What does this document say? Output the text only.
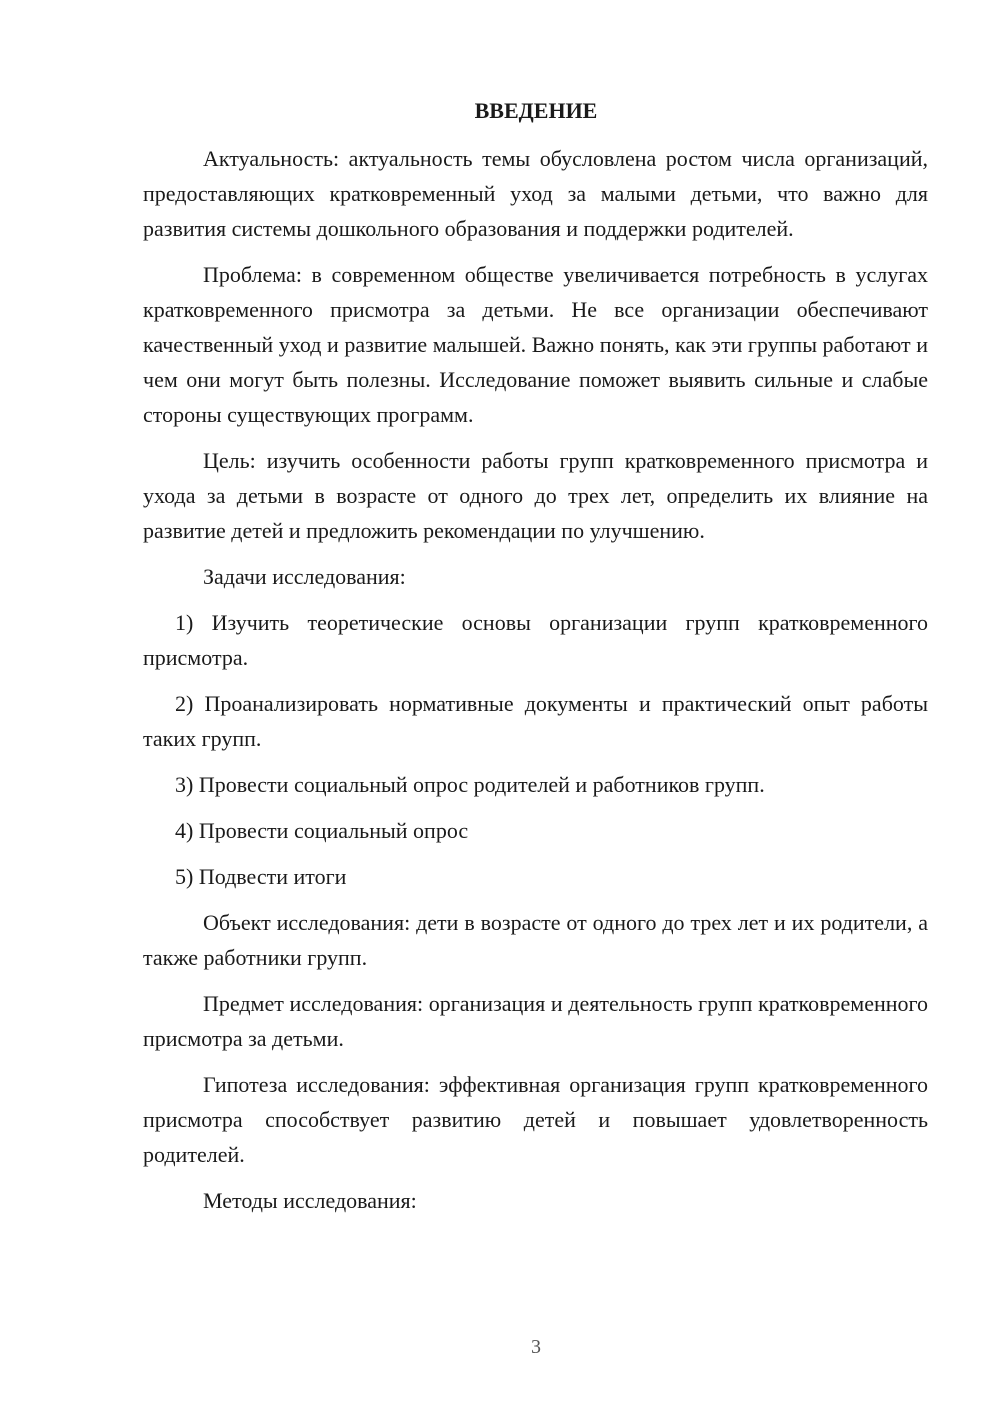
ВВЕДЕНИЕ

Актуальность: актуальность темы обусловлена ростом числа организаций, предоставляющих кратковременный уход за малыми детьми, что важно для развития системы дошкольного образования и поддержки родителей.

Проблема: в современном обществе увеличивается потребность в услугах кратковременного присмотра за детьми. Не все организации обеспечивают качественный уход и развитие малышей. Важно понять, как эти группы работают и чем они могут быть полезны. Исследование поможет выявить сильные и слабые стороны существующих программ.

Цель: изучить особенности работы групп кратковременного присмотра и ухода за детьми в возрасте от одного до трех лет, определить их влияние на развитие детей и предложить рекомендации по улучшению.

Задачи исследования:

1) Изучить теоретические основы организации групп кратковременного присмотра.

2) Проанализировать нормативные документы и практический опыт работы таких групп.

3) Провести социальный опрос родителей и работников групп.

4) Провести социальный опрос

5) Подвести итоги

Объект исследования: дети в возрасте от одного до трех лет и их родители, а также работники групп.

Предмет исследования: организация и деятельность групп кратковременного присмотра за детьми.

Гипотеза исследования: эффективная организация групп кратковременного присмотра способствует развитию детей и повышает удовлетворенность родителей.

Методы исследования:

3
